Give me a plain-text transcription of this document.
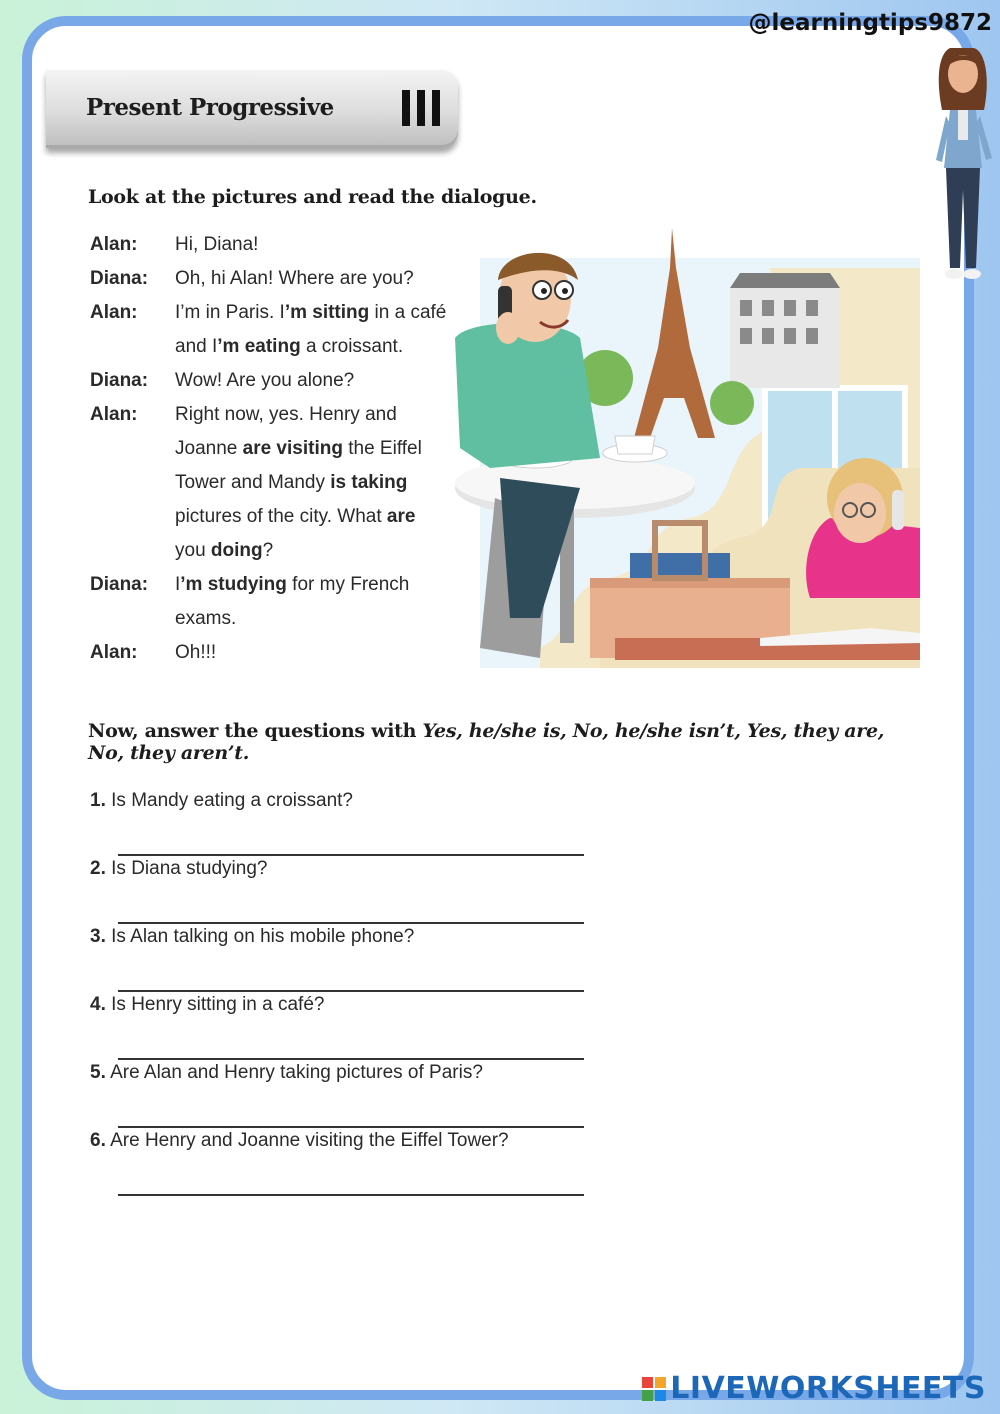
@learningtips9872
Present Progressive
Look at the pictures and read the dialogue.
Alan: Hi, Diana!
Diana: Oh, hi Alan! Where are you?
Alan: I’m in Paris. I’m sitting in a café
and I’m eating a croissant.
Diana: Wow! Are you alone?
Alan: Right now, yes. Henry and
Joanne are visiting the Eiffel
Tower and Mandy is taking
pictures of the city. What are
you doing?
Diana: I’m studying for my French
exams.
Alan: Oh!!!
Now, answer the questions with Yes, he/she is, No, he/she isn’t, Yes, they are,
No, they aren’t.
1. Is Mandy eating a croissant?
2. Is Diana studying?
3. Is Alan talking on his mobile phone?
4. Is Henry sitting in a café?
5. Are Alan and Henry taking pictures of Paris?
6. Are Henry and Joanne visiting the Eiffel Tower?
LIVEWORKSHEETS
